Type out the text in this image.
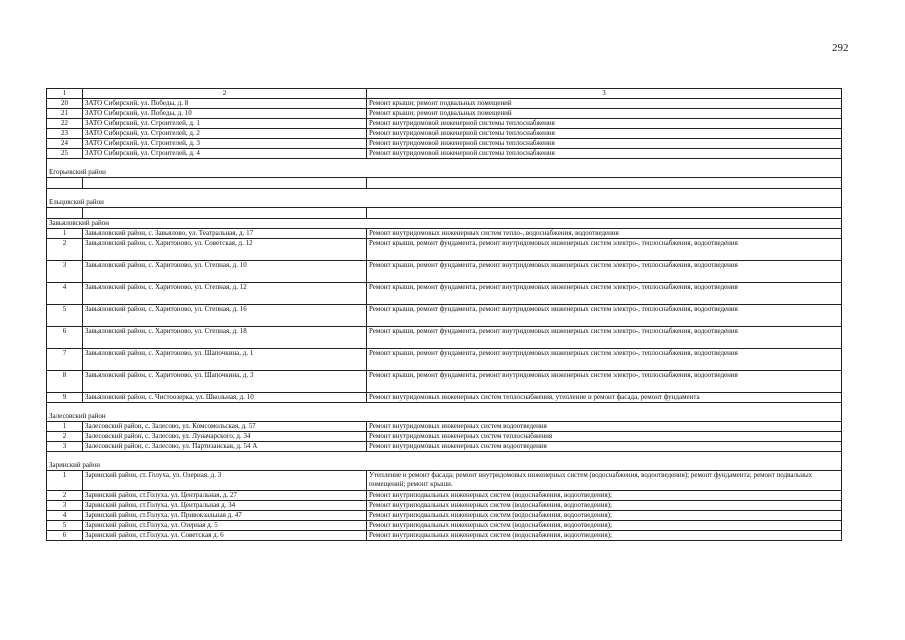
292
1	2	3
20	ЗАТО Сибирский, ул. Победы, д. 8	Ремонт крыши; ремонт подвальных помещений
21	ЗАТО Сибирский, ул. Победы, д. 10	Ремонт крыши; ремонт подвальных помещений
22	ЗАТО Сибирский, ул. Строителей, д. 1	Ремонт внутридомовой инженерной системы теплоснабжения
23	ЗАТО Сибирский, ул. Строителей, д. 2	Ремонт внутридомовой инженерной системы теплоснабжения
24	ЗАТО Сибирский, ул. Строителей, д. 3	Ремонт внутридомовой инженерной системы теплоснабжения
25	ЗАТО Сибирский, ул. Строителей, д. 4	Ремонт внутридомовой инженерной системы теплоснабжения
Егорьевский район		

Ельцовский район		

Завьяловский район		
1	Завьяловский район, с. Завьялово, ул. Театральная, д. 17	Ремонт внутридомовых инженерных систем тепло-, водоснабжения, водоотведения
2	Завьяловский район, с. Харитоново, ул. Советская, д. 12	Ремонт крыши, ремонт фундамента, ремонт внутридомовых инженерных систем электро-, теплоснабжения, водоотведения
3	Завьяловский район, с. Харитоново, ул. Степная, д. 10	Ремонт крыши, ремонт фундамента, ремонт внутридомовых инженерных систем электро-, теплоснабжения, водоотведения
4	Завьяловский район, с. Харитоново, ул. Степная, д. 12	Ремонт крыши, ремонт фундамента, ремонт внутридомовых инженерных систем электро-, теплоснабжения, водоотведения
5	Завьяловский район, с. Харитоново, ул. Степная, д. 16	Ремонт крыши, ремонт фундамента, ремонт внутридомовых инженерных систем электро-, теплоснабжения, водоотведения
6	Завьяловский район, с. Харитоново, ул. Степная, д. 18	Ремонт крыши, ремонт фундамента, ремонт внутридомовых инженерных систем электро-, теплоснабжения, водоотведения
7	Завьяловский район, с. Харитоново, ул. Шапочкина, д. 1	Ремонт крыши, ремонт фундамента, ремонт внутридомовых инженерных систем электро-, теплоснабжения, водоотведения
8	Завьяловский район, с. Харитоново, ул. Шапочкина, д. 3	Ремонт крыши, ремонт фундамента, ремонт внутридомовых инженерных систем электро-, теплоснабжения, водоотведения
9	Завьяловский район, с. Чистоозерка, ул. Школьная, д. 10	Ремонт внутридомовых инженерных систем теплоснабжения, утепление и ремонт фасада, ремонт фундамента
Залесовский район		
1	Залесовский район, с. Залесово, ул. Комсомольская, д. 57	Ремонт внутридомовых инженерных систем водоотведения
2	Залесовский район, с. Залесово, ул. Луначарского, д. 34	Ремонт внутридомовых инженерных систем теплоснабжения
3	Залесовский район, с. Залесово, ул. Партизанская, д. 54 А	Ремонт внутридомовых инженерных систем водоотведения
Заринский район		
1	Заринский район, ст. Голуха, ул. Озерная, д. 3	Утепление и ремонт фасада; ремонт внутридомовых инженерных систем (водоснабжения, водоотведения); ремонт фундамента; ремонт подвальных помещений; ремонт крыши.
2	Заринский район, ст.Голуха, ул. Центральная, д. 27	Ремонт внутриподвальных инженерных систем (водоснабжения, водоотведения);
3	Заринский район, ст.Голуха, ул. Центральная д. 34	Ремонт внутриподвальных инженерных систем (водоснабжения, водоотведения);
4	Заринский район, ст.Голуха, ул. Привокзальная д. 47	Ремонт внутриподвальных инженерных систем (водоснабжения, водоотведения);
5	Заринский район, ст.Голуха, ул. Озерная д. 5	Ремонт внутриподвальных инженерных систем (водоснабжения, водоотведения);
6	Заринский район, ст.Голуха, ул. Советская д. 6	Ремонт внутриподвальных инженерных систем (водоснабжения, водоотведения);
